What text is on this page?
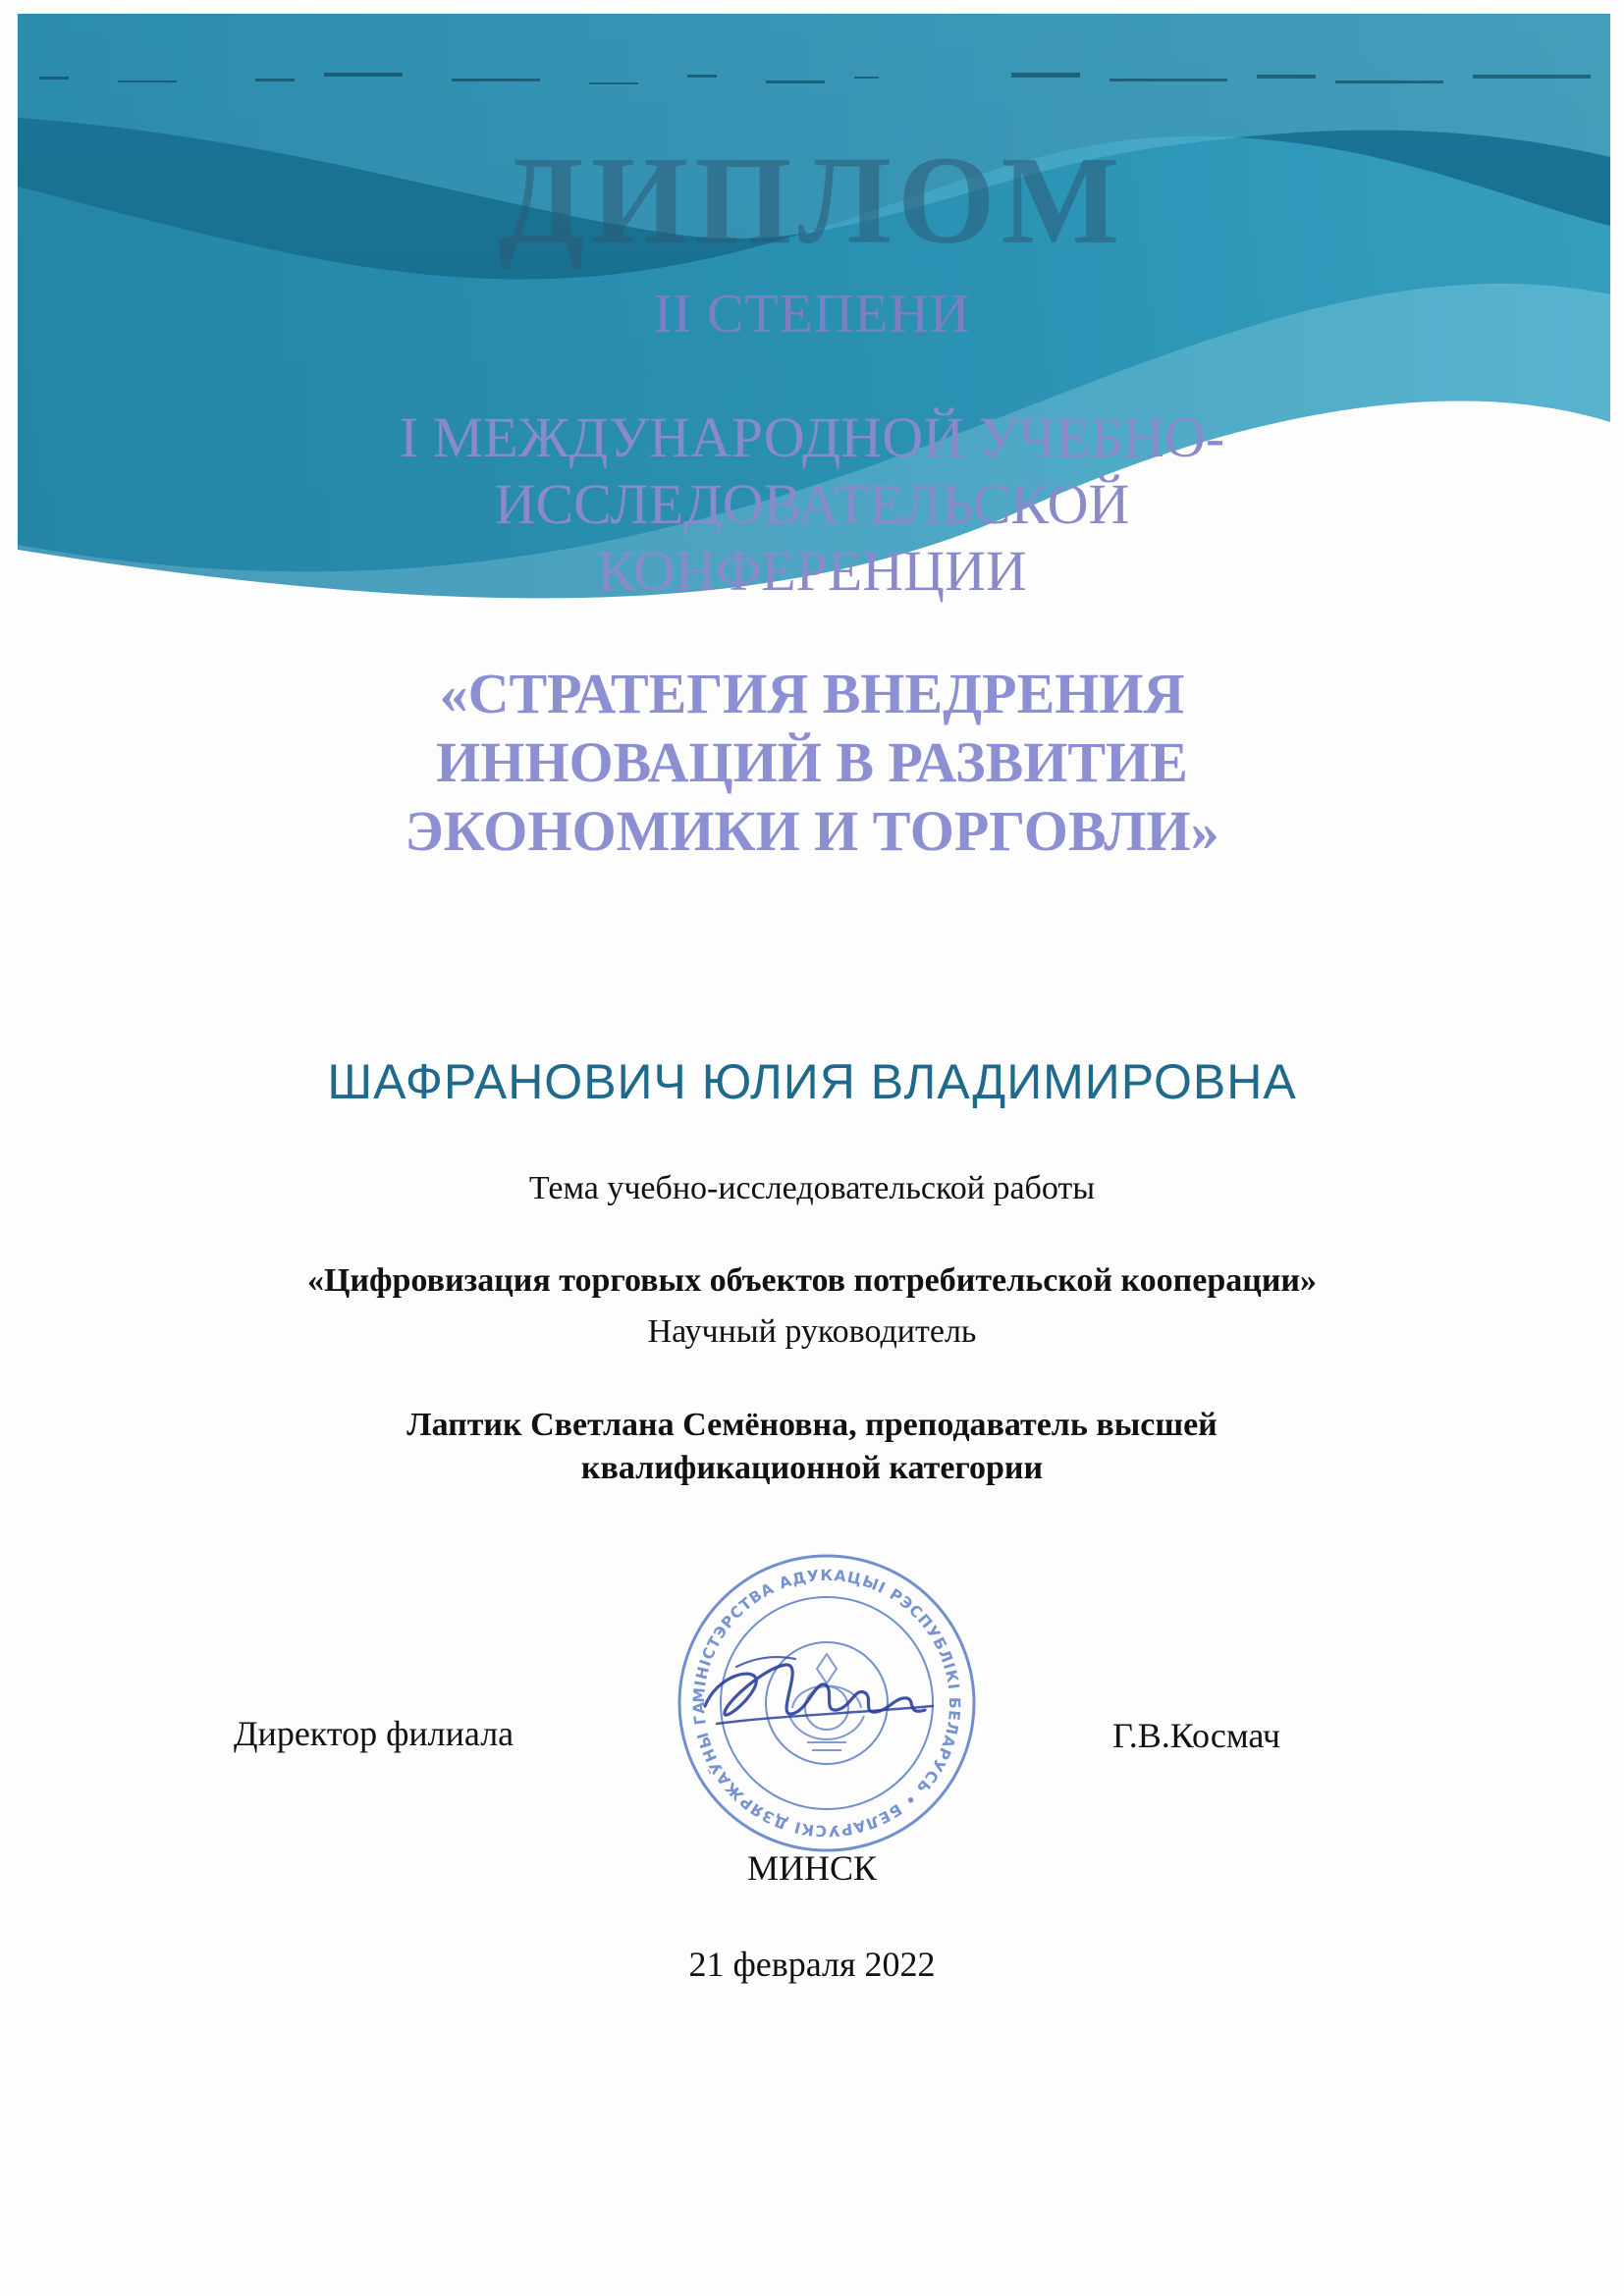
ДИПЛОМ
II СТЕПЕНИ
I МЕЖДУНАРОДНОЙ УЧЕБНО-
ИССЛЕДОВАТЕЛЬСКОЙ
КОНФЕРЕНЦИИ
«СТРАТЕГИЯ ВНЕДРЕНИЯ
ИННОВАЦИЙ В РАЗВИТИЕ
ЭКОНОМИКИ И ТОРГОВЛИ»
ШАФРАНОВИЧ ЮЛИЯ ВЛАДИМИРОВНА
Тема учебно-исследовательской работы
«Цифровизация торговых объектов потребительской кооперации»
Научный руководитель
Лаптик Светлана Семёновна, преподаватель высшей
квалификационной категории
Директор филиала	Г.В.Космач
МІНІСТЭРСТВА АДУКАЦЫІ РЭСПУБЛІКІ БЕЛАРУСЬ • БЕЛАРУСКІ ДЗЯРЖАЎНЫ ГА
МИНСК
21 февраля 2022
